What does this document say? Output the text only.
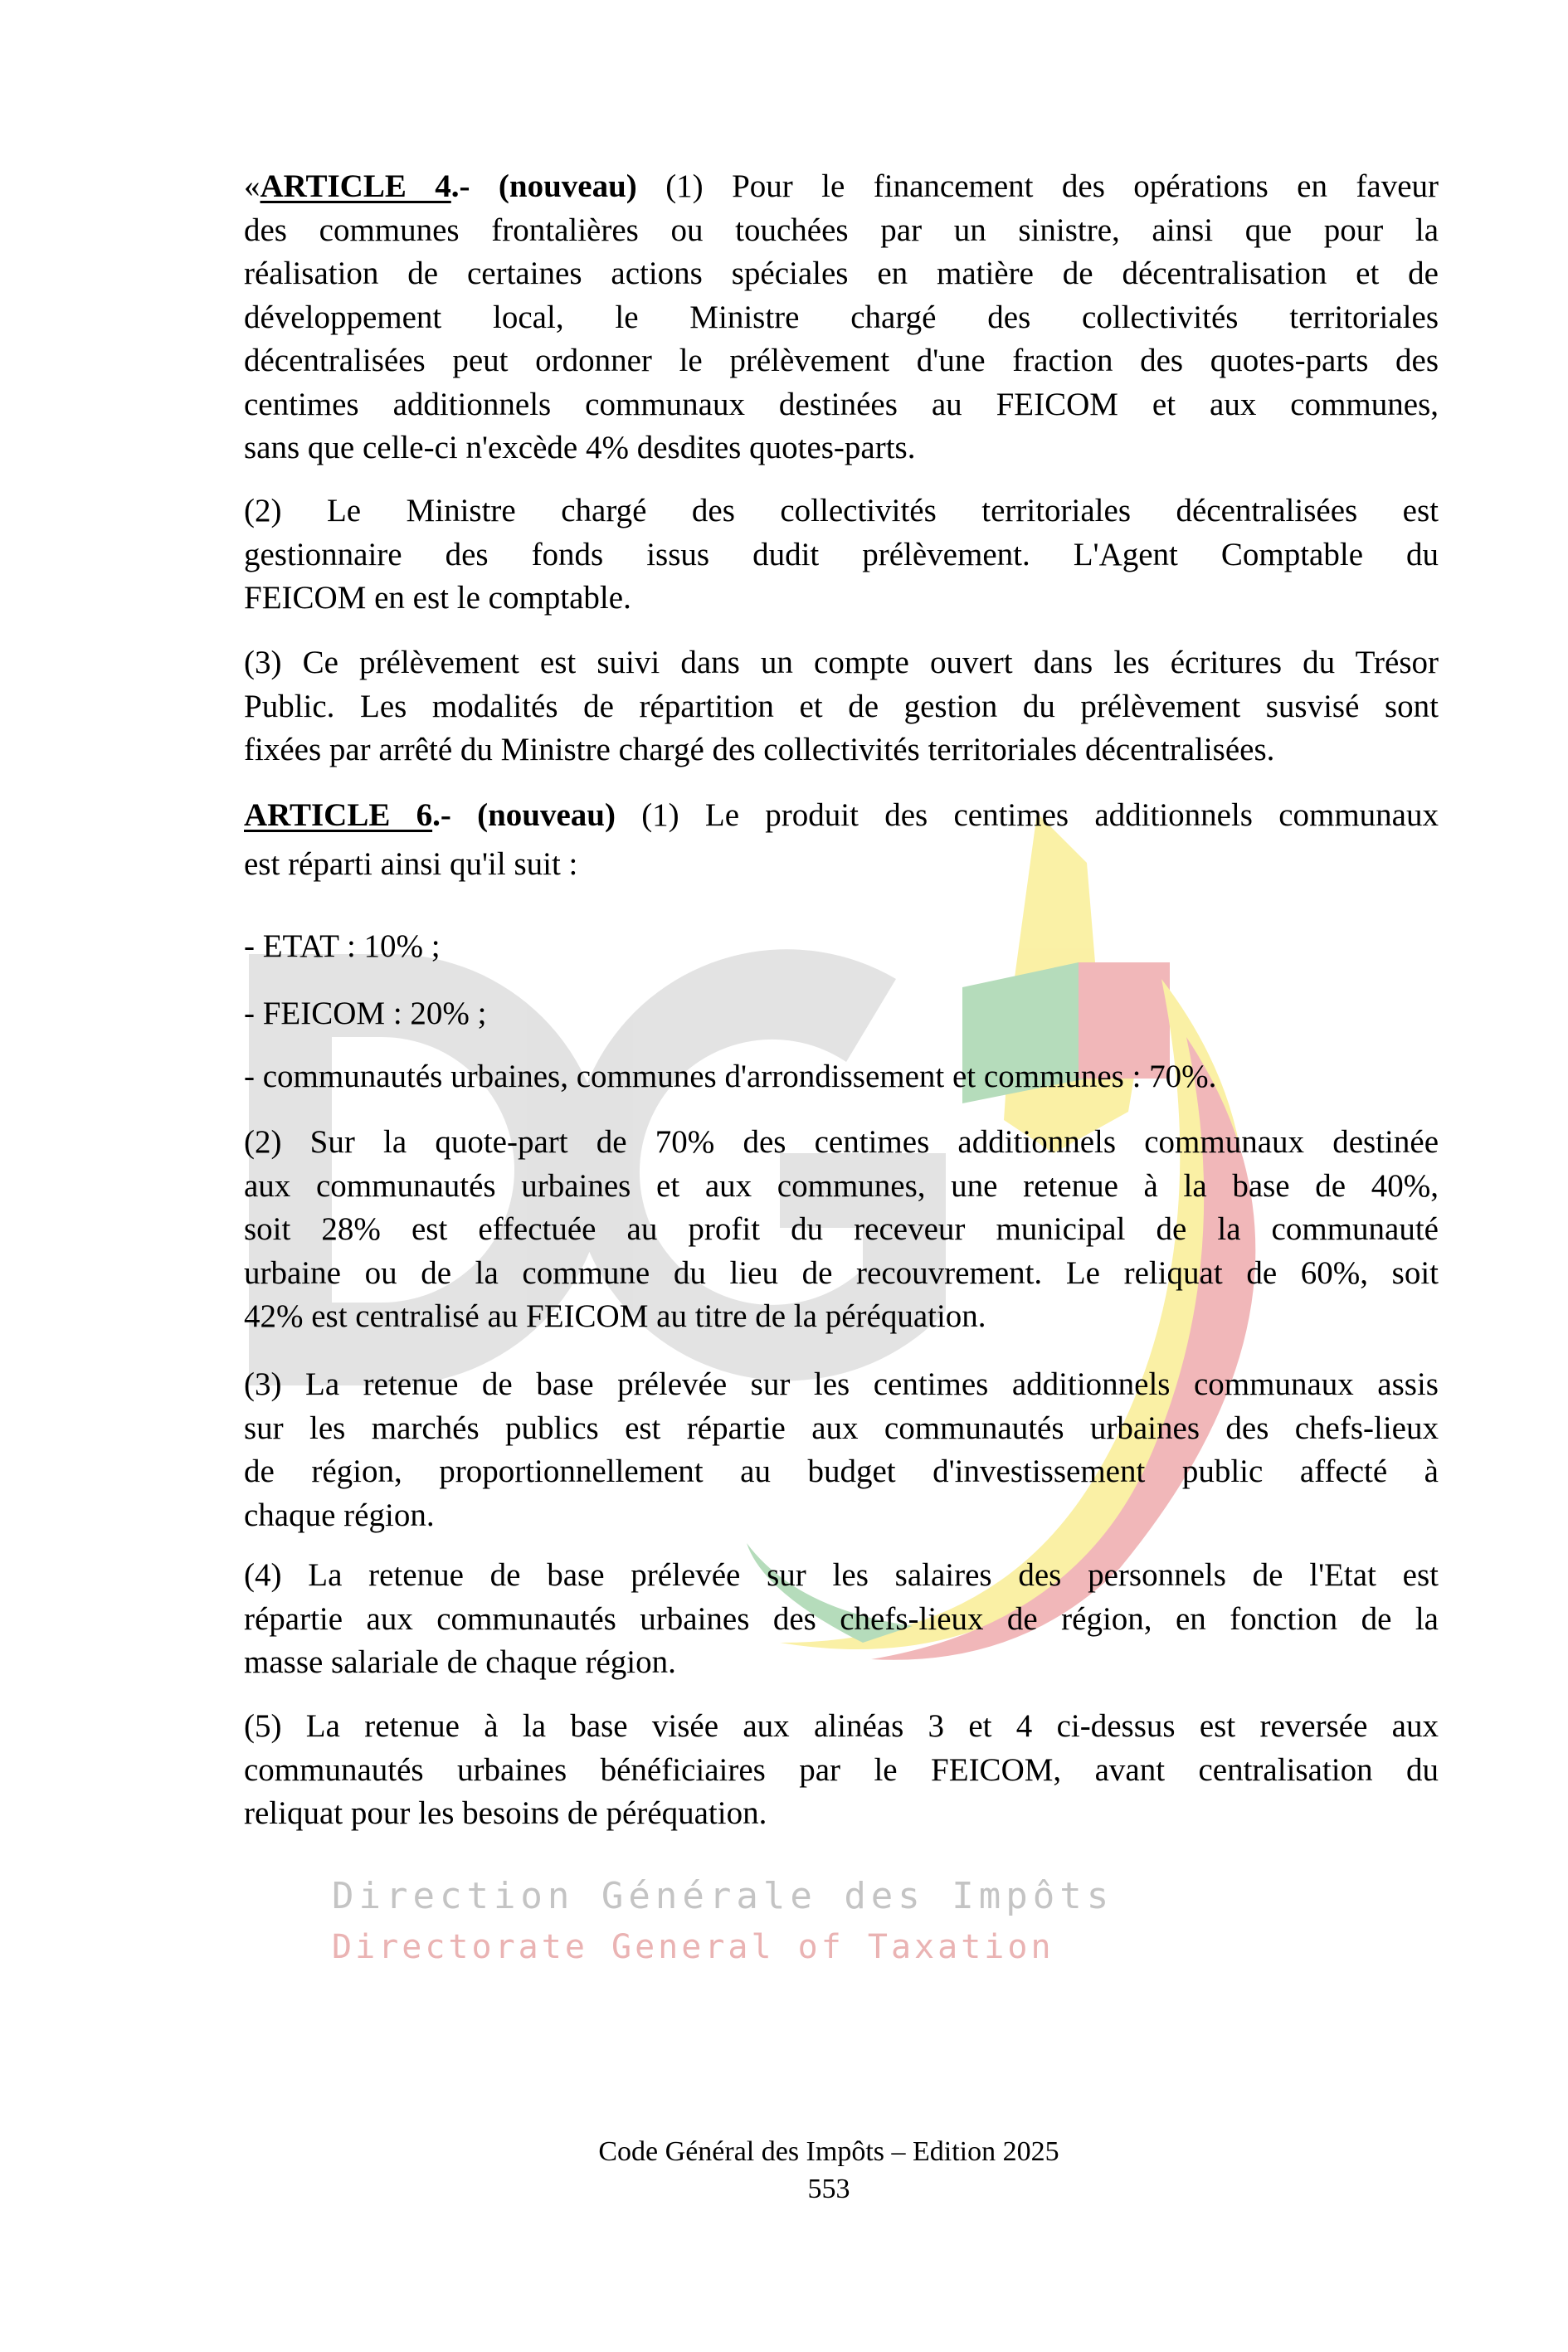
Direction Générale des Impôts
Directorate General of Taxation
«ARTICLE 4.- (nouveau) (1) Pour le financement des opérations en faveur
des communes frontalières ou touchées par un sinistre, ainsi que pour la
réalisation de certaines actions spéciales en matière de décentralisation et de
développement local, le Ministre chargé des collectivités territoriales
décentralisées peut ordonner le prélèvement d'une fraction des quotes-parts des
centimes additionnels communaux destinées au FEICOM et aux communes,
sans que celle-ci n'excède 4% desdites quotes-parts.
(2) Le Ministre chargé des collectivités territoriales décentralisées est
gestionnaire des fonds issus dudit prélèvement. L'Agent Comptable du
FEICOM en est le comptable.
(3) Ce prélèvement est suivi dans un compte ouvert dans les écritures du Trésor
Public. Les modalités de répartition et de gestion du prélèvement susvisé sont
fixées par arrêté du Ministre chargé des collectivités territoriales décentralisées.
ARTICLE 6.- (nouveau) (1) Le produit des centimes additionnels communaux
est réparti ainsi qu'il suit :
- ETAT : 10% ;
- FEICOM : 20% ;
- communautés urbaines, communes d'arrondissement et communes : 70%.
(2) Sur la quote-part de 70% des centimes additionnels communaux destinée
aux communautés urbaines et aux communes, une retenue à la base de 40%,
soit 28% est effectuée au profit du receveur municipal de la communauté
urbaine ou de la commune du lieu de recouvrement. Le reliquat de 60%, soit
42% est centralisé au FEICOM au titre de la péréquation.
(3) La retenue de base prélevée sur les centimes additionnels communaux assis
sur les marchés publics est répartie aux communautés urbaines des chefs-lieux
de région, proportionnellement au budget d'investissement public affecté à
chaque région.
(4) La retenue de base prélevée sur les salaires des personnels de l'Etat est
répartie aux communautés urbaines des chefs-lieux de région, en fonction de la
masse salariale de chaque région.
(5) La retenue à la base visée aux alinéas 3 et 4 ci-dessus est reversée aux
communautés urbaines bénéficiaires par le FEICOM, avant centralisation du
reliquat pour les besoins de péréquation.
Code Général des Impôts – Edition 2025
553
